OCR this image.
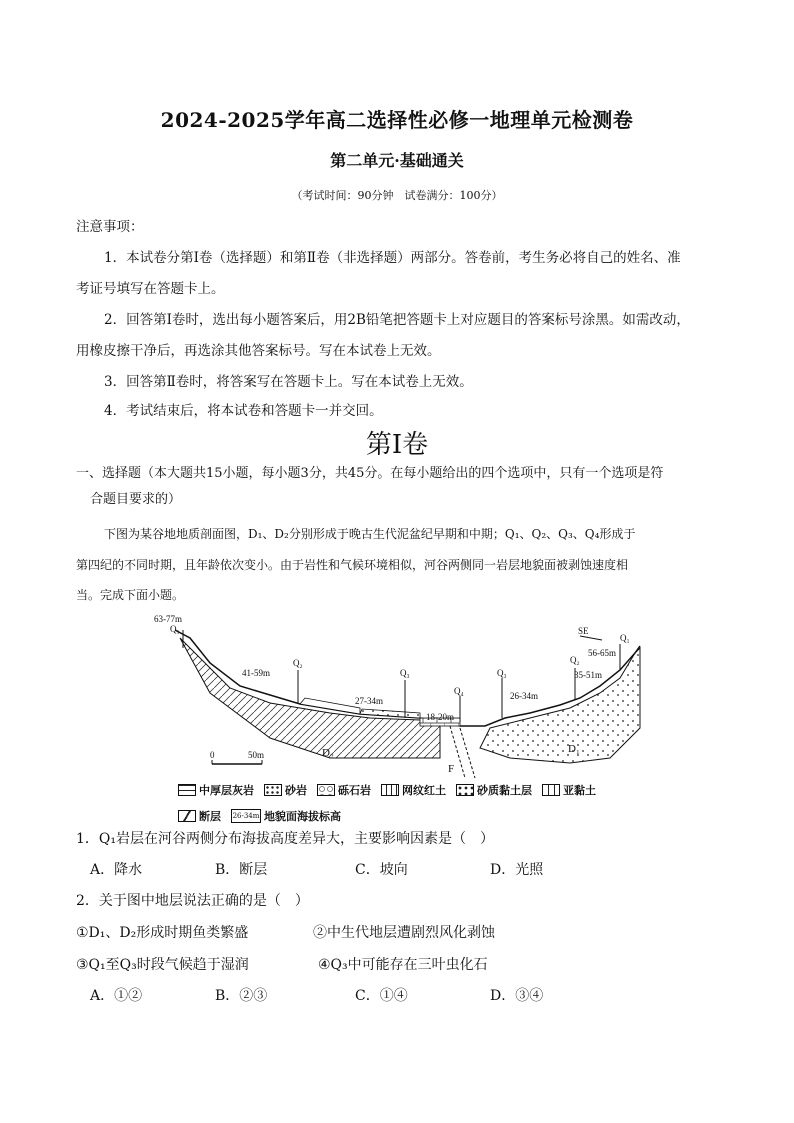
2024-2025学年高二选择性必修一地理单元检测卷
第二单元·基础通关
（考试时间：90分钟　试卷满分：100分）
注意事项：
1．本试卷分第Ⅰ卷（选择题）和第Ⅱ卷（非选择题）两部分。答卷前，考生务必将自己的姓名、准
考证号填写在答题卡上。
2．回答第Ⅰ卷时，选出每小题答案后，用2B铅笔把答题卡上对应题目的答案标号涂黑。如需改动，
用橡皮擦干净后，再选涂其他答案标号。写在本试卷上无效。
3．回答第Ⅱ卷时，将答案写在答题卡上。写在本试卷上无效。
4．考试结束后，将本试卷和答题卡一并交回。
第Ⅰ卷
一、选择题（本大题共15小题，每小题3分，共45分。在每小题给出的四个选项中，只有一个选项是符
合题目要求的）
下图为某谷地地质剖面图，D₁、D₂分别形成于晚古生代泥盆纪早期和中期；Q₁、Q₂、Q₃、Q₄形成于
第四纪的不同时期，且年龄依次变小。由于岩性和气候环境相似，河谷两侧同一岩层地貌面被剥蚀速度相
当。完成下面小题。
63-77m
Q₁
41-59m
Q₂
27-34m
Q₃
18-20m
Q₄
Q₃
26-34m
Q₂
35-51m
Q₁
56-65m
SE
D₁
D₂
F
0	50m
中厚层灰岩	砂岩	砾石岩	网纹红土	砂质黏土层	亚黏土
断层 26-34m 地貌面海拔标高
1．Q₁岩层在河谷两侧分布海拔高度差异大，主要影响因素是（　）
A．降水	B．断层	C．坡向	D．光照
2．关于图中地层说法正确的是（　）
①D₁、D₂形成时期鱼类繁盛	②中生代地层遭剧烈风化剥蚀
③Q₁至Q₃时段气候趋于湿润	④Q₃中可能存在三叶虫化石
A．①②	B．②③	C．①④	D．③④
